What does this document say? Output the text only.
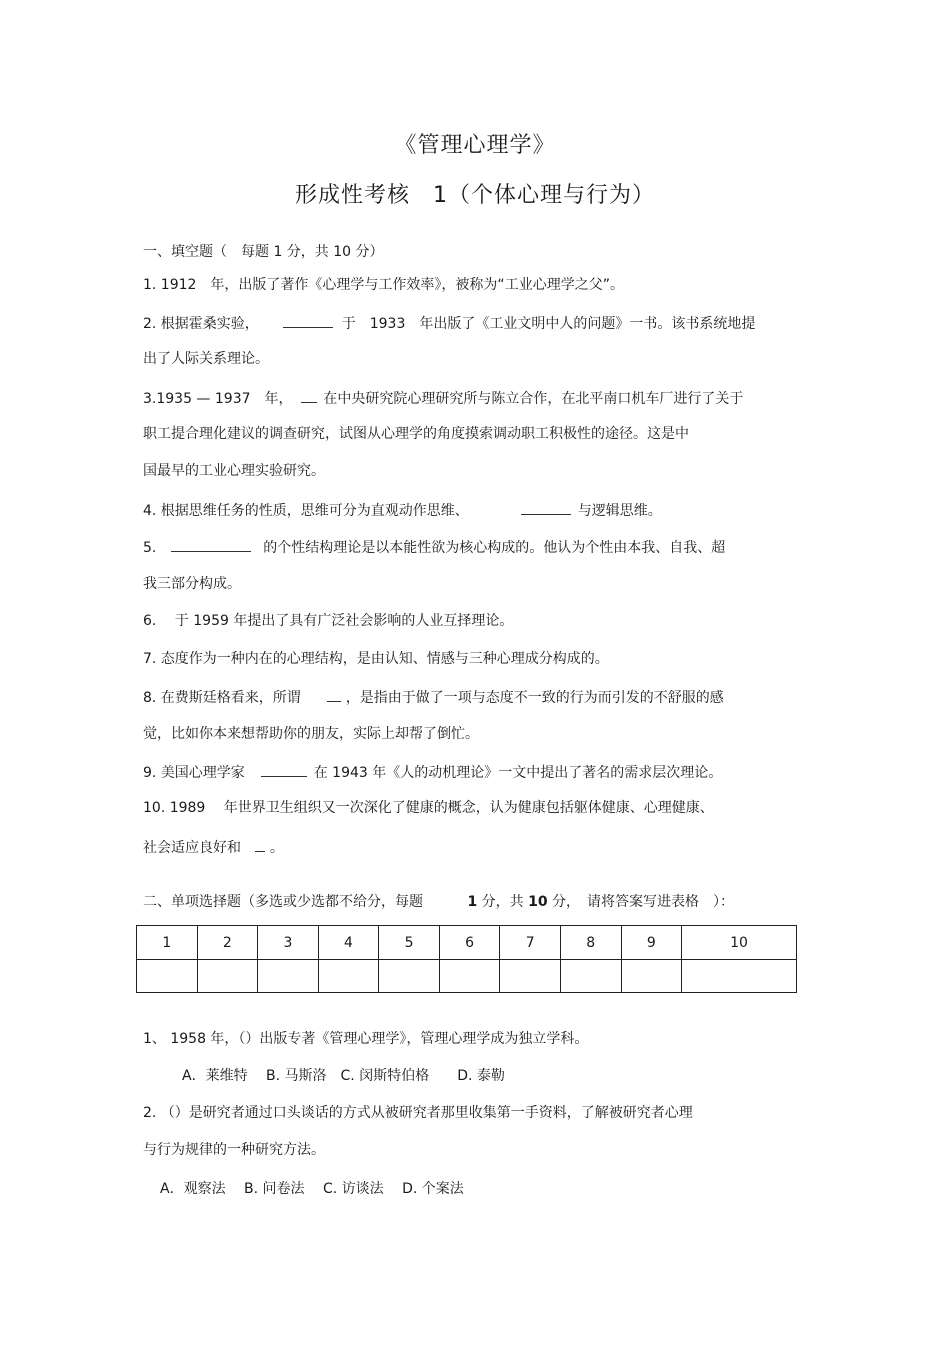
《管理心理学》
形成性考核　1（个体心理与行为）
一、填空题（　每题 1 分，共 10 分）
1. 1912　年，出版了著作《心理学与工作效率》，被称为“工业心理学之父”。
2. 根据霍桑实验，	于　1933　年出版了《工业文明中人的问题》一书。该书系统地提
出了人际关系理论。
3.1935 — 1937　年， 在中央研究院心理研究所与陈立合作，在北平南口机车厂进行了关于
职工提合理化建议的调查研究，试图从心理学的角度摸索调动职工积极性的途径。这是中
国最早的工业心理实验研究。
4. 根据思维任务的性质，思维可分为直观动作思维、	与逻辑思维。
5.	的个性结构理论是以本能性欲为核心构成的。他认为个性由本我、自我、超
我三部分构成。
6.　 于 1959 年提出了具有广泛社会影响的人业互择理论。
7. 态度作为一种内在的心理结构，是由认知、情感与三种心理成分构成的。
8. 在费斯廷格看来，所谓	，是指由于做了一项与态度不一致的行为而引发的不舒服的感
觉，比如你本来想帮助你的朋友，实际上却帮了倒忙。
9. 美国心理学家	在 1943 年《人的动机理论》一文中提出了著名的需求层次理论。
10. 1989　 年世界卫生组织又一次深化了健康的概念，认为健康包括躯体健康、心理健康、
社会适应良好和 。
二、单项选择题（多选或少选都不给分，每题	1 分，共 10 分，　请将答案写进表格　）：
1	2	3	4	5	6	7	8	9	10

1、 1958 年，（）出版专著《管理心理学》，管理心理学成为独立学科。
A．莱维特　 B. 马斯洛　C. 闵斯特伯格　　D. 泰勒
2. （）是研究者通过口头谈话的方式从被研究者那里收集第一手资料，了解被研究者心理
与行为规律的一种研究方法。
A．观察法　 B. 问卷法　 C. 访谈法　 D. 个案法
